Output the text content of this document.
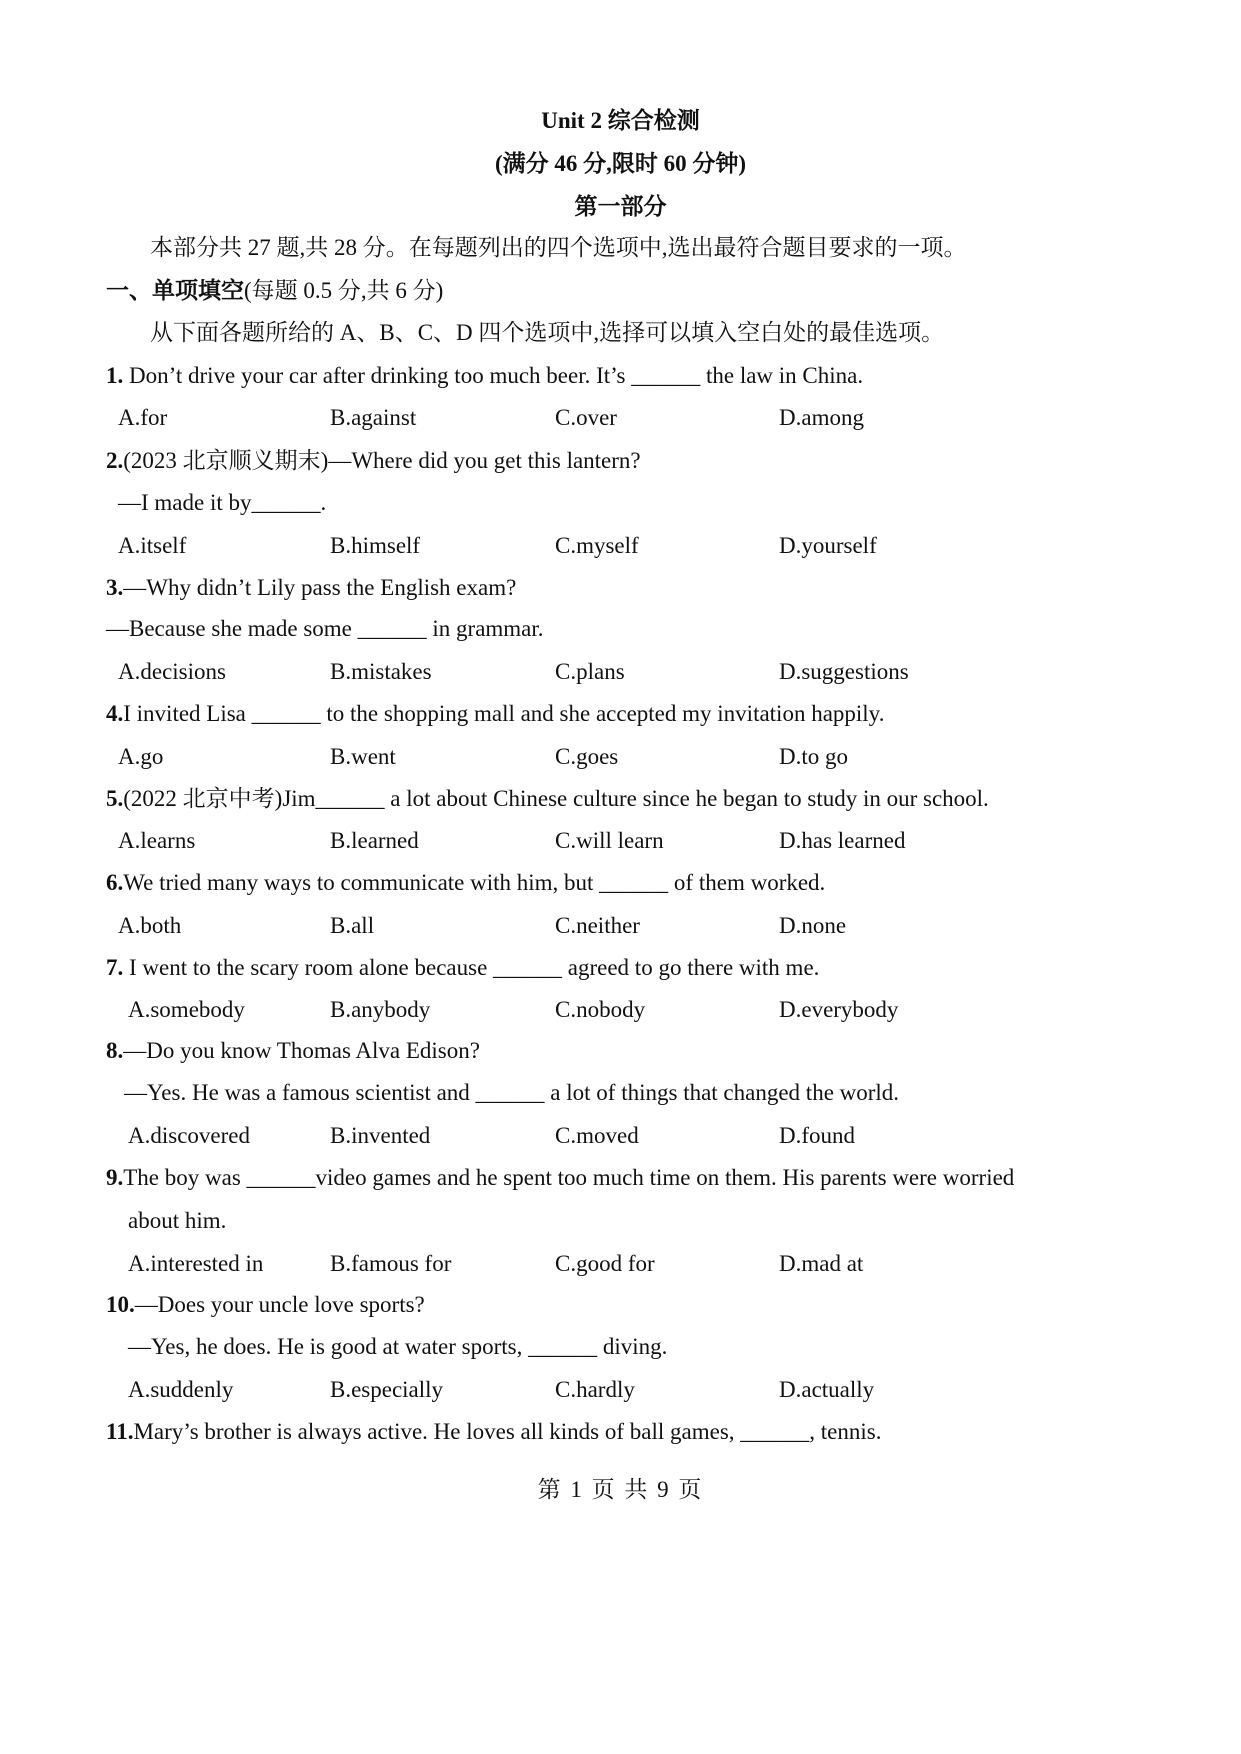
Unit 2 综合检测
(满分 46 分,限时 60 分钟)
第一部分
本部分共 27 题,共 28 分。在每题列出的四个选项中,选出最符合题目要求的一项。
一、单项填空(每题 0.5 分,共 6 分)
从下面各题所给的 A、B、C、D 四个选项中,选择可以填入空白处的最佳选项。
1. Don’t drive your car after drinking too much beer. It’s ______ the law in China.
A.for	B.against	C.over	D.among
2.(2023 北京顺义期末)—Where did you get this lantern?
—I made it by______.
A.itself	B.himself	C.myself	D.yourself
3.—Why didn’t Lily pass the English exam?
—Because she made some ______ in grammar.
A.decisions	B.mistakes	C.plans	D.suggestions
4.I invited Lisa ______ to the shopping mall and she accepted my invitation happily.
A.go	B.went	C.goes	D.to go
5.(2022 北京中考)Jim______ a lot about Chinese culture since he began to study in our school.
A.learns	B.learned	C.will learn	D.has learned
6.We tried many ways to communicate with him, but ______ of them worked.
A.both	B.all	C.neither	D.none
7. I went to the scary room alone because ______ agreed to go there with me.
A.somebody	B.anybody	C.nobody	D.everybody
8.—Do you know Thomas Alva Edison?
—Yes. He was a famous scientist and ______ a lot of things that changed the world.
A.discovered	B.invented	C.moved	D.found
9.The boy was ______video games and he spent too much time on them. His parents were worried
about him.
A.interested in	B.famous for	C.good for	D.mad at
10.—Does your uncle love sports?
—Yes, he does. He is good at water sports, ______ diving.
A.suddenly	B.especially	C.hardly	D.actually
11.Mary’s brother is always active. He loves all kinds of ball games, ______, tennis.
第 1 页 共 9 页
